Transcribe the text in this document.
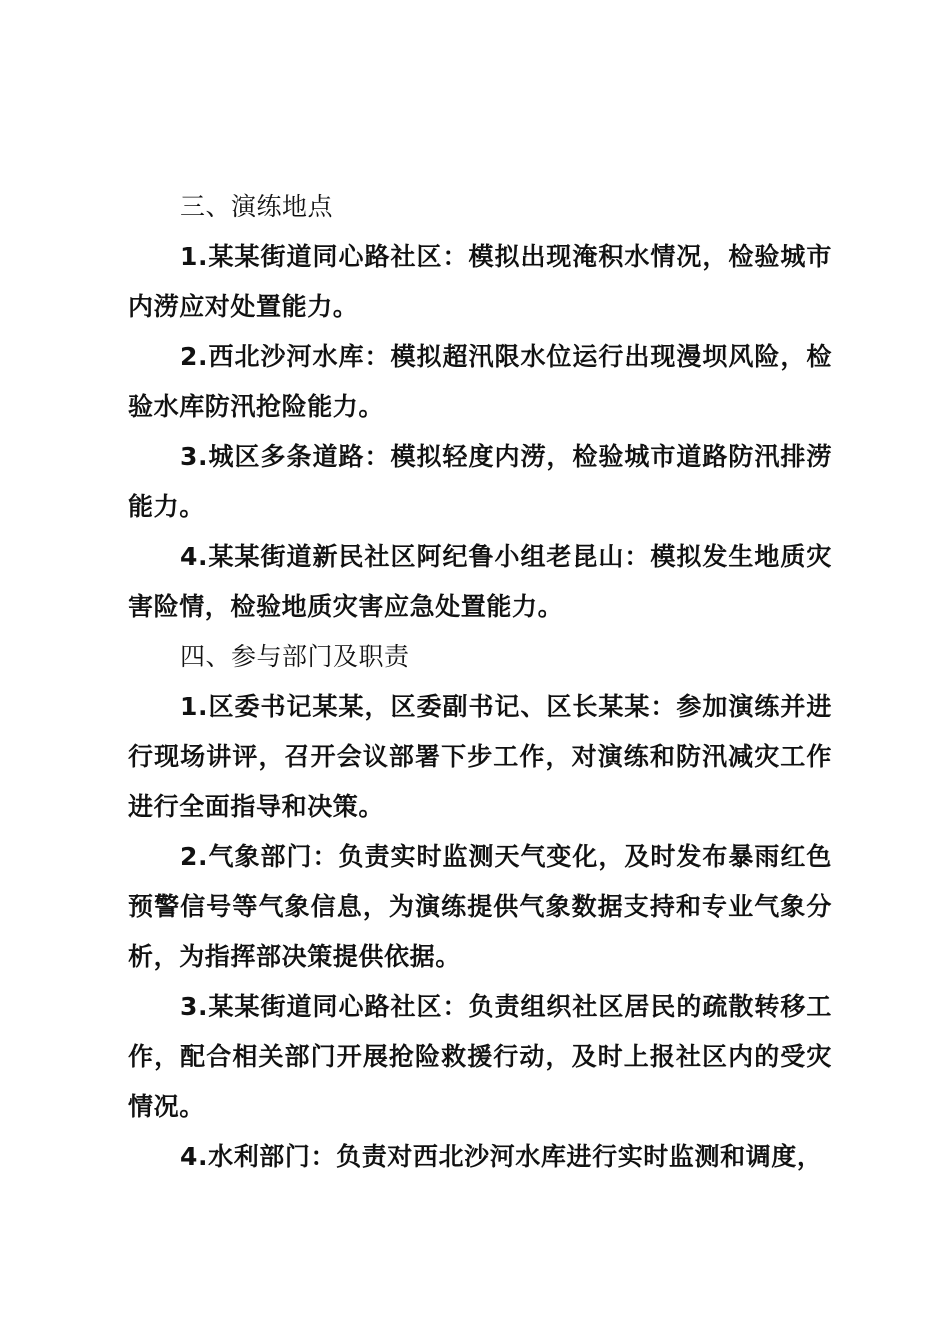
三、演练地点

1.某某街道同心路社区：模拟出现淹积水情况，检验城市内涝应对处置能力。

2.西北沙河水库：模拟超汛限水位运行出现漫坝风险，检验水库防汛抢险能力。

3.城区多条道路：模拟轻度内涝，检验城市道路防汛排涝能力。

4.某某街道新民社区阿纪鲁小组老昆山：模拟发生地质灾害险情，检验地质灾害应急处置能力。

四、参与部门及职责

1.区委书记某某，区委副书记、区长某某：参加演练并进行现场讲评，召开会议部署下步工作，对演练和防汛减灾工作进行全面指导和决策。

2.气象部门：负责实时监测天气变化，及时发布暴雨红色预警信号等气象信息，为演练提供气象数据支持和专业气象分析，为指挥部决策提供依据。

3.某某街道同心路社区：负责组织社区居民的疏散转移工作，配合相关部门开展抢险救援行动，及时上报社区内的受灾情况。

4.水利部门：负责对西北沙河水库进行实时监测和调度，
